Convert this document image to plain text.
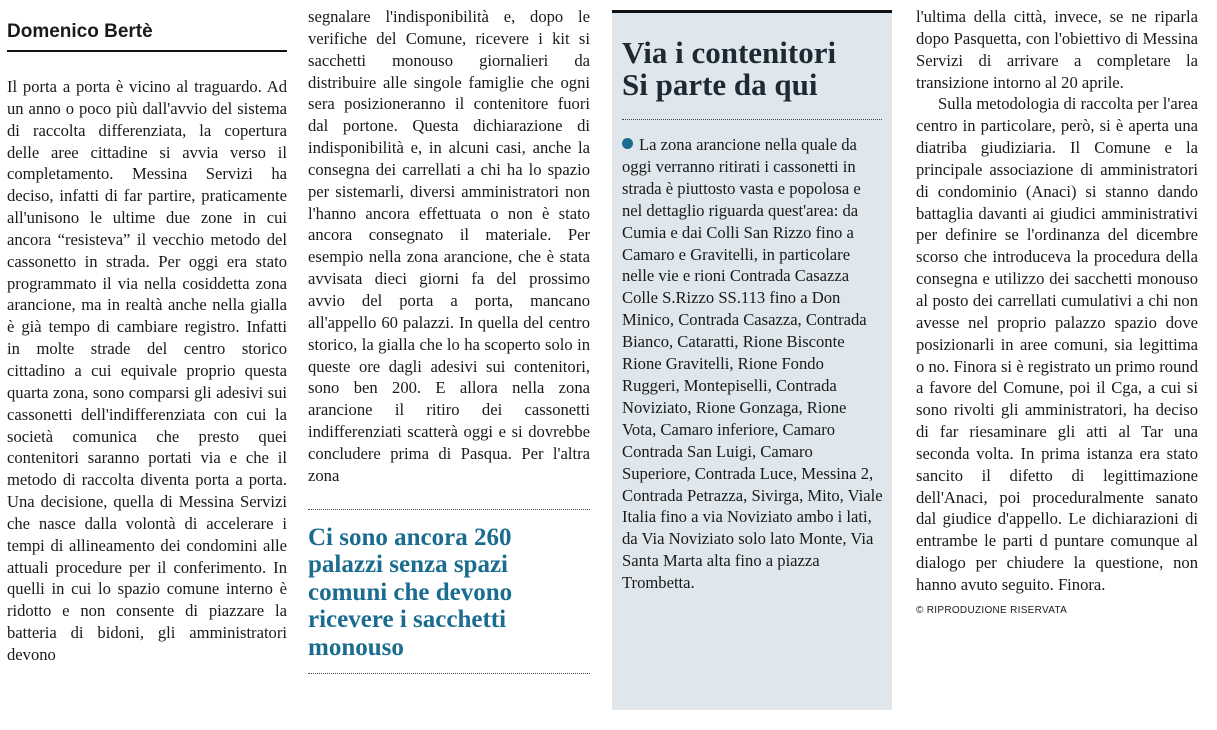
Domenico Bertè

Il porta a porta è vicino al traguardo. Ad un anno o poco più dall'avvio del sistema di raccolta differenziata, la copertura delle aree cittadine si avvia verso il completamento. Messina Servizi ha deciso, infatti di far partire, praticamente all'unisono le ultime due zone in cui ancora “resisteva” il vecchio metodo del cassonetto in strada. Per oggi era stato programmato il via nella cosiddetta zona arancione, ma in realtà anche nella gialla è già tempo di cambiare registro. Infatti in molte strade del centro storico cittadino a cui equivale proprio questa quarta zona, sono comparsi gli adesivi sui cassonetti dell'indifferenziata con cui la società comunica che presto quei contenitori saranno portati via e che il metodo di raccolta diventa porta a porta. Una decisione, quella di Messina Servizi che nasce dalla volontà di accelerare i tempi di allineamento dei condomini alle attuali procedure per il conferimento. In quelli in cui lo spazio comune interno è ridotto e non consente di piazzare la batteria di bidoni, gli amministratori devono

segnalare l'indisponibilità e, dopo le verifiche del Comune, ricevere i kit si sacchetti monouso giornalieri da distribuire alle singole famiglie che ogni sera posizioneranno il contenitore fuori dal portone. Questa dichiarazione di indisponibilità e, in alcuni casi, anche la consegna dei carrellati a chi ha lo spazio per sistemarli, diversi amministratori non l'hanno ancora effettuata o non è stato ancora consegnato il materiale. Per esempio nella zona arancione, che è stata avvisata dieci giorni fa del prossimo avvio del porta a porta, mancano all'appello 60 palazzi. In quella del centro storico, la gialla che lo ha scoperto solo in queste ore dagli adesivi sui contenitori, sono ben 200. E allora nella zona arancione il ritiro dei cassonetti indifferenziati scatterà oggi e si dovrebbe concludere prima di Pasqua. Per l'altra zona

Ci sono ancora 260 palazzi senza spazi comuni che devono ricevere i sacchetti monouso
Via i contenitori
Si parte da qui

La zona arancione nella quale da oggi verranno ritirati i cassonetti in strada è piuttosto vasta e popolosa e nel dettaglio riguarda quest'area: da Cumia e dai Colli San Rizzo fino a Camaro e Gravitelli, in particolare nelle vie e rioni Contrada Casazza Colle S.Rizzo SS.113 fino a Don Minico, Contrada Casazza, Contrada Bianco, Cataratti, Rione Bisconte Rione Gravitelli, Rione Fondo Ruggeri, Montepiselli, Contrada Noviziato, Rione Gonzaga, Rione Vota, Camaro inferiore, Camaro Contrada San Luigi, Camaro Superiore, Contrada Luce, Messina 2, Contrada Petrazza, Sivirga, Mito, Viale Italia fino a via Noviziato ambo i lati, da Via Noviziato solo lato Monte, Via Santa Marta alta fino a piazza Trombetta.

l'ultima della città, invece, se ne riparla dopo Pasquetta, con l'obiettivo di Messina Servizi di arrivare a completare la transizione intorno al 20 aprile.

Sulla metodologia di raccolta per l'area centro in particolare, però, si è aperta una diatriba giudiziaria. Il Comune e la principale associazione di amministratori di condominio (Anaci) si stanno dando battaglia davanti ai giudici amministrativi per definire se l'ordinanza del dicembre scorso che introduceva la procedura della consegna e utilizzo dei sacchetti monouso al posto dei carrellati cumulativi a chi non avesse nel proprio palazzo spazio dove posizionarli in aree comuni, sia legittima o no. Finora si è registrato un primo round a favore del Comune, poi il Cga, a cui si sono rivolti gli amministratori, ha deciso di far riesaminare gli atti al Tar una seconda volta. In prima istanza era stato sancito il difetto di legittimazione dell'Anaci, poi proceduralmente sanato dal giudice d'appello. Le dichiarazioni di entrambe le parti d puntare comunque al dialogo per chiudere la questione, non hanno avuto seguito. Finora.

© RIPRODUZIONE RISERVATA
